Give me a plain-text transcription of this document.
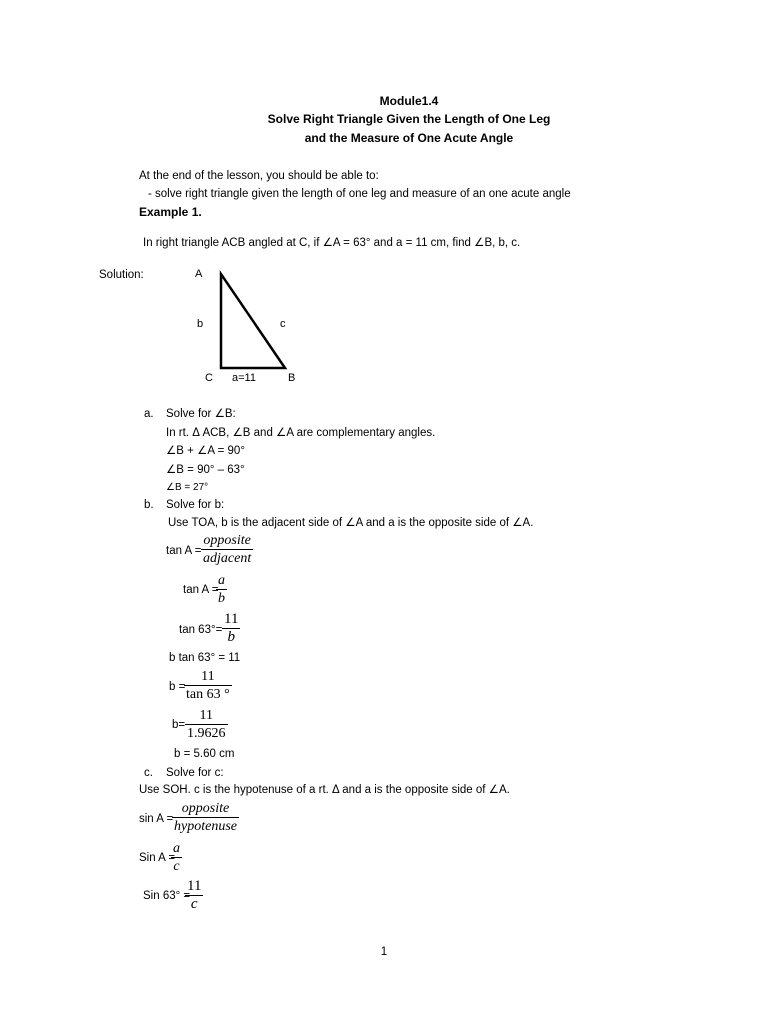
Module1.4
Solve Right Triangle Given the Length of One Leg
and the Measure of One Acute Angle
At the end of the lesson, you should be able to:
- solve right triangle given the length of one leg and measure of an one acute angle
Example 1.
In right triangle ACB angled at C, if ∠A = 63° and a = 11 cm, find ∠B, b, c.
Solution:	A
b	c
C a=11	B
a. Solve for ∠B:
In rt. Δ ACB, ∠B and ∠A are complementary angles.
∠B + ∠A = 90°
∠B = 90° – 63°
∠B = 27°
b. Solve for b:
Use TOA, b is the adjacent side of ∠A and a is the opposite side of ∠A.
tan A =
opposite
adjacent
tan A =
$\frac{a}{b}$
$\tan 63^\circ= \frac{11}{b}$
b tan 63° = 11
b =
$\frac{11}{\tan 63 ^\circ}$
$b= \frac{11}{1.9626}$
b = 5.60 cm
c. Solve for c:
Use SOH. c is the hypotenuse of a rt. Δ and a is the opposite side of ∠A.
sin A =
opposite
hypotenuse
Sin A =
$\frac{a}{c}$
Sin 63° =
$\frac{11}{c}$
1
